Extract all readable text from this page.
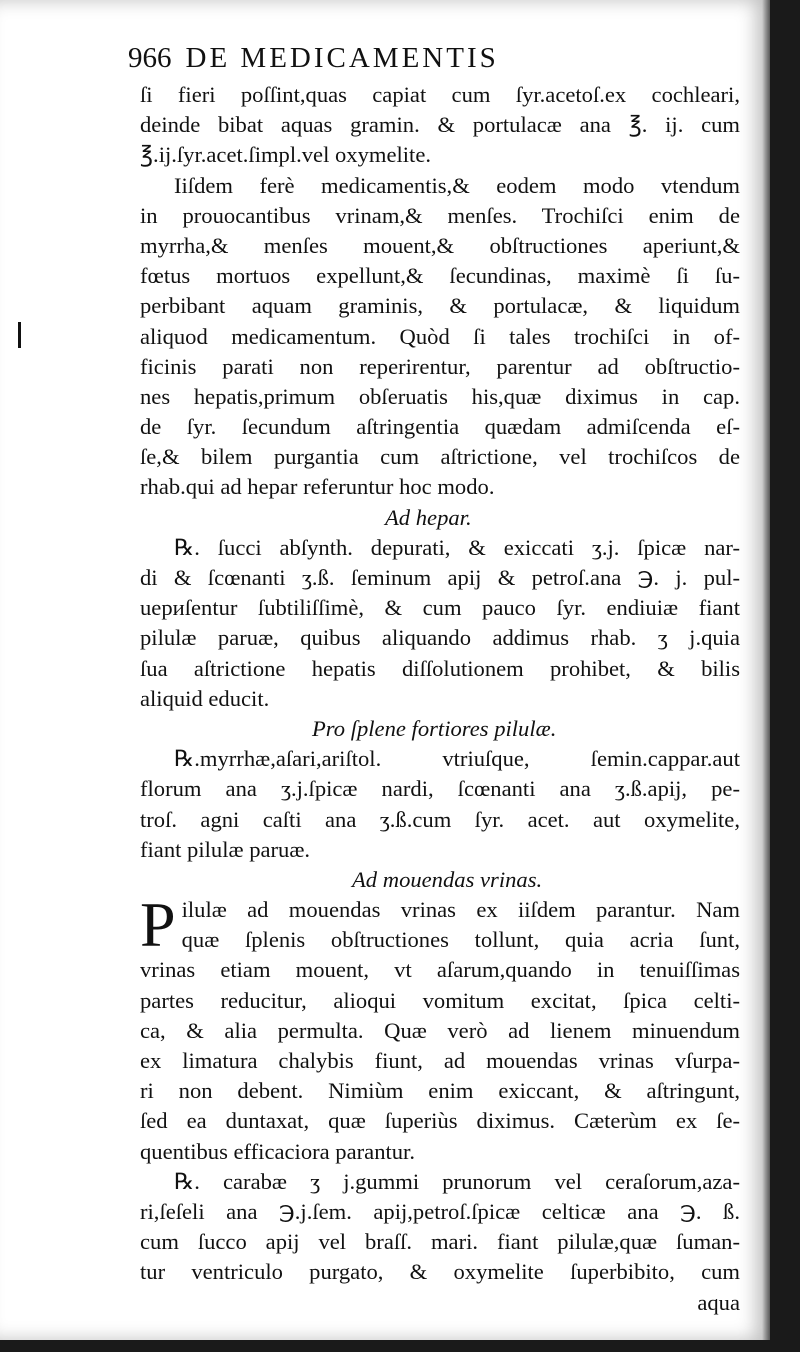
966 DE MEDICAMENTIS
ſi fieri poſſint,quas capiat cum ſyr.acetoſ.ex cochleari,
deinde bibat aquas gramin. & portulacæ ana ℥. ij. cum
℥.ij.ſyr.acet.ſimpl.vel oxymelite.
Iiſdem ferè medicamentis,& eodem modo vtendum
in prouocantibus vrinam,& menſes. Trochiſci enim de
myrrha,& menſes mouent,& obſtructiones aperiunt,&
fœtus mortuos expellunt,& ſecundinas, maximè ſi ſu-
perbibant aquam graminis, & portulacæ, & liquidum
aliquod medicamentum. Quòd ſi tales trochiſci in of-
ficinis parati non reperirentur, parentur ad obſtructio-
nes hepatis,primum obſeruatis his,quæ diximus in cap.
de ſyr. ſecundum aſtringentia quædam admiſcenda eſ-
ſe,& bilem purgantia cum aſtrictione, vel trochiſcos de
rhab.qui ad hepar referuntur hoc modo.
Ad hepar.
℞. ſucci abſynth. depurati, & exiccati ʒ.j. ſpicæ nar-
di & ſcœnanti ʒ.ß. ſeminum apij & petroſ.ana ℈. j. pul-
uериſentur ſubtiliſſimè, & cum pauco ſyr. endiuiæ fiant
pilulæ paruæ, quibus aliquando addimus rhab. ʒ j.quia
ſua aſtrictione hepatis diſſolutionem prohibet, & bilis
aliquid educit.
Pro ſplene fortiores pilulæ.
℞.myrrhæ,aſari,ariſtol. vtriuſque, ſemin.cappar.aut
florum ana ʒ.j.ſpicæ nardi, ſcœnanti ana ʒ.ß.apij, pe-
troſ. agni caſti ana ʒ.ß.cum ſyr. acet. aut oxymelite,
fiant pilulæ paruæ.
Ad mouendas vrinas.
P ilulæ ad mouendas vrinas ex iiſdem parantur. Nam
quæ ſplenis obſtructiones tollunt, quia acria ſunt,
vrinas etiam mouent, vt aſarum,quando in tenuiſſimas
partes reducitur, alioqui vomitum excitat, ſpica celti-
ca, & alia permulta. Quæ verò ad lienem minuendum
ex limatura chalybis fiunt, ad mouendas vrinas vſurpa-
ri non debent. Nimiùm enim exiccant, & aſtringunt,
ſed ea duntaxat, quæ ſuperiùs diximus. Cæterùm ex ſe-
quentibus efficaciora parantur.
℞. carabæ ʒ j.gummi prunorum vel ceraſorum,aza-
ri,ſeſeli ana ℈.j.ſem. apij,petroſ.ſpicæ celticæ ana ℈. ß.
cum ſucco apij vel braſſ. mari. fiant pilulæ,quæ ſuman-
tur ventriculo purgato, & oxymelite ſuperbibito, cum
aqua
